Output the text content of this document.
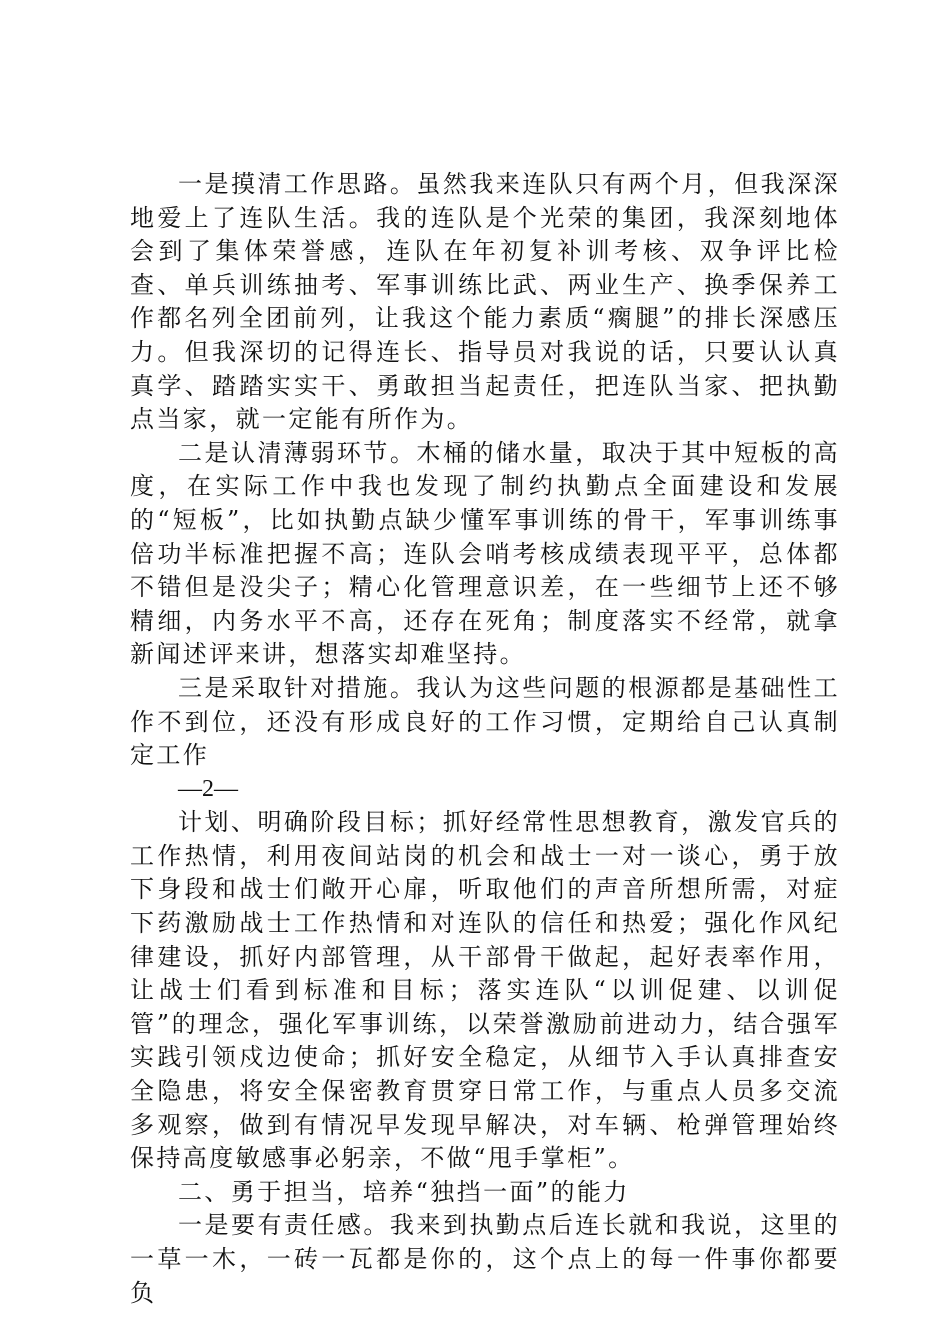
一是摸清工作思路。虽然我来连队只有两个月，但我深深地爱上了连队生活。我的连队是个光荣的集团，我深刻地体会到了集体荣誉感，连队在年初复补训考核、双争评比检查、单兵训练抽考、军事训练比武、两业生产、换季保养工作都名列全团前列，让我这个能力素质“瘸腿”的排长深感压力。但我深切的记得连长、指导员对我说的话，只要认认真真学、踏踏实实干、勇敢担当起责任，把连队当家、把执勤点当家，就一定能有所作为。

二是认清薄弱环节。木桶的储水量，取决于其中短板的高度，在实际工作中我也发现了制约执勤点全面建设和发展的“短板”，比如执勤点缺少懂军事训练的骨干，军事训练事倍功半标准把握不高；连队会哨考核成绩表现平平，总体都不错但是没尖子；精心化管理意识差，在一些细节上还不够精细，内务水平不高，还存在死角；制度落实不经常，就拿新闻述评来讲，想落实却难坚持。

三是采取针对措施。我认为这些问题的根源都是基础性工作不到位，还没有形成良好的工作习惯，定期给自己认真制定工作

—2—

计划、明确阶段目标；抓好经常性思想教育，激发官兵的工作热情，利用夜间站岗的机会和战士一对一谈心，勇于放下身段和战士们敞开心扉，听取他们的声音所想所需，对症下药激励战士工作热情和对连队的信任和热爱；强化作风纪律建设，抓好内部管理，从干部骨干做起，起好表率作用，让战士们看到标准和目标；落实连队“以训促建、以训促管”的理念，强化军事训练，以荣誉激励前进动力，结合强军实践引领戍边使命；抓好安全稳定，从细节入手认真排查安全隐患，将安全保密教育贯穿日常工作，与重点人员多交流多观察，做到有情况早发现早解决，对车辆、枪弹管理始终保持高度敏感事必躬亲，不做“甩手掌柜”。

二、勇于担当，培养“独挡一面”的能力

一是要有责任感。我来到执勤点后连长就和我说，这里的一草一木，一砖一瓦都是你的，这个点上的每一件事你都要负
